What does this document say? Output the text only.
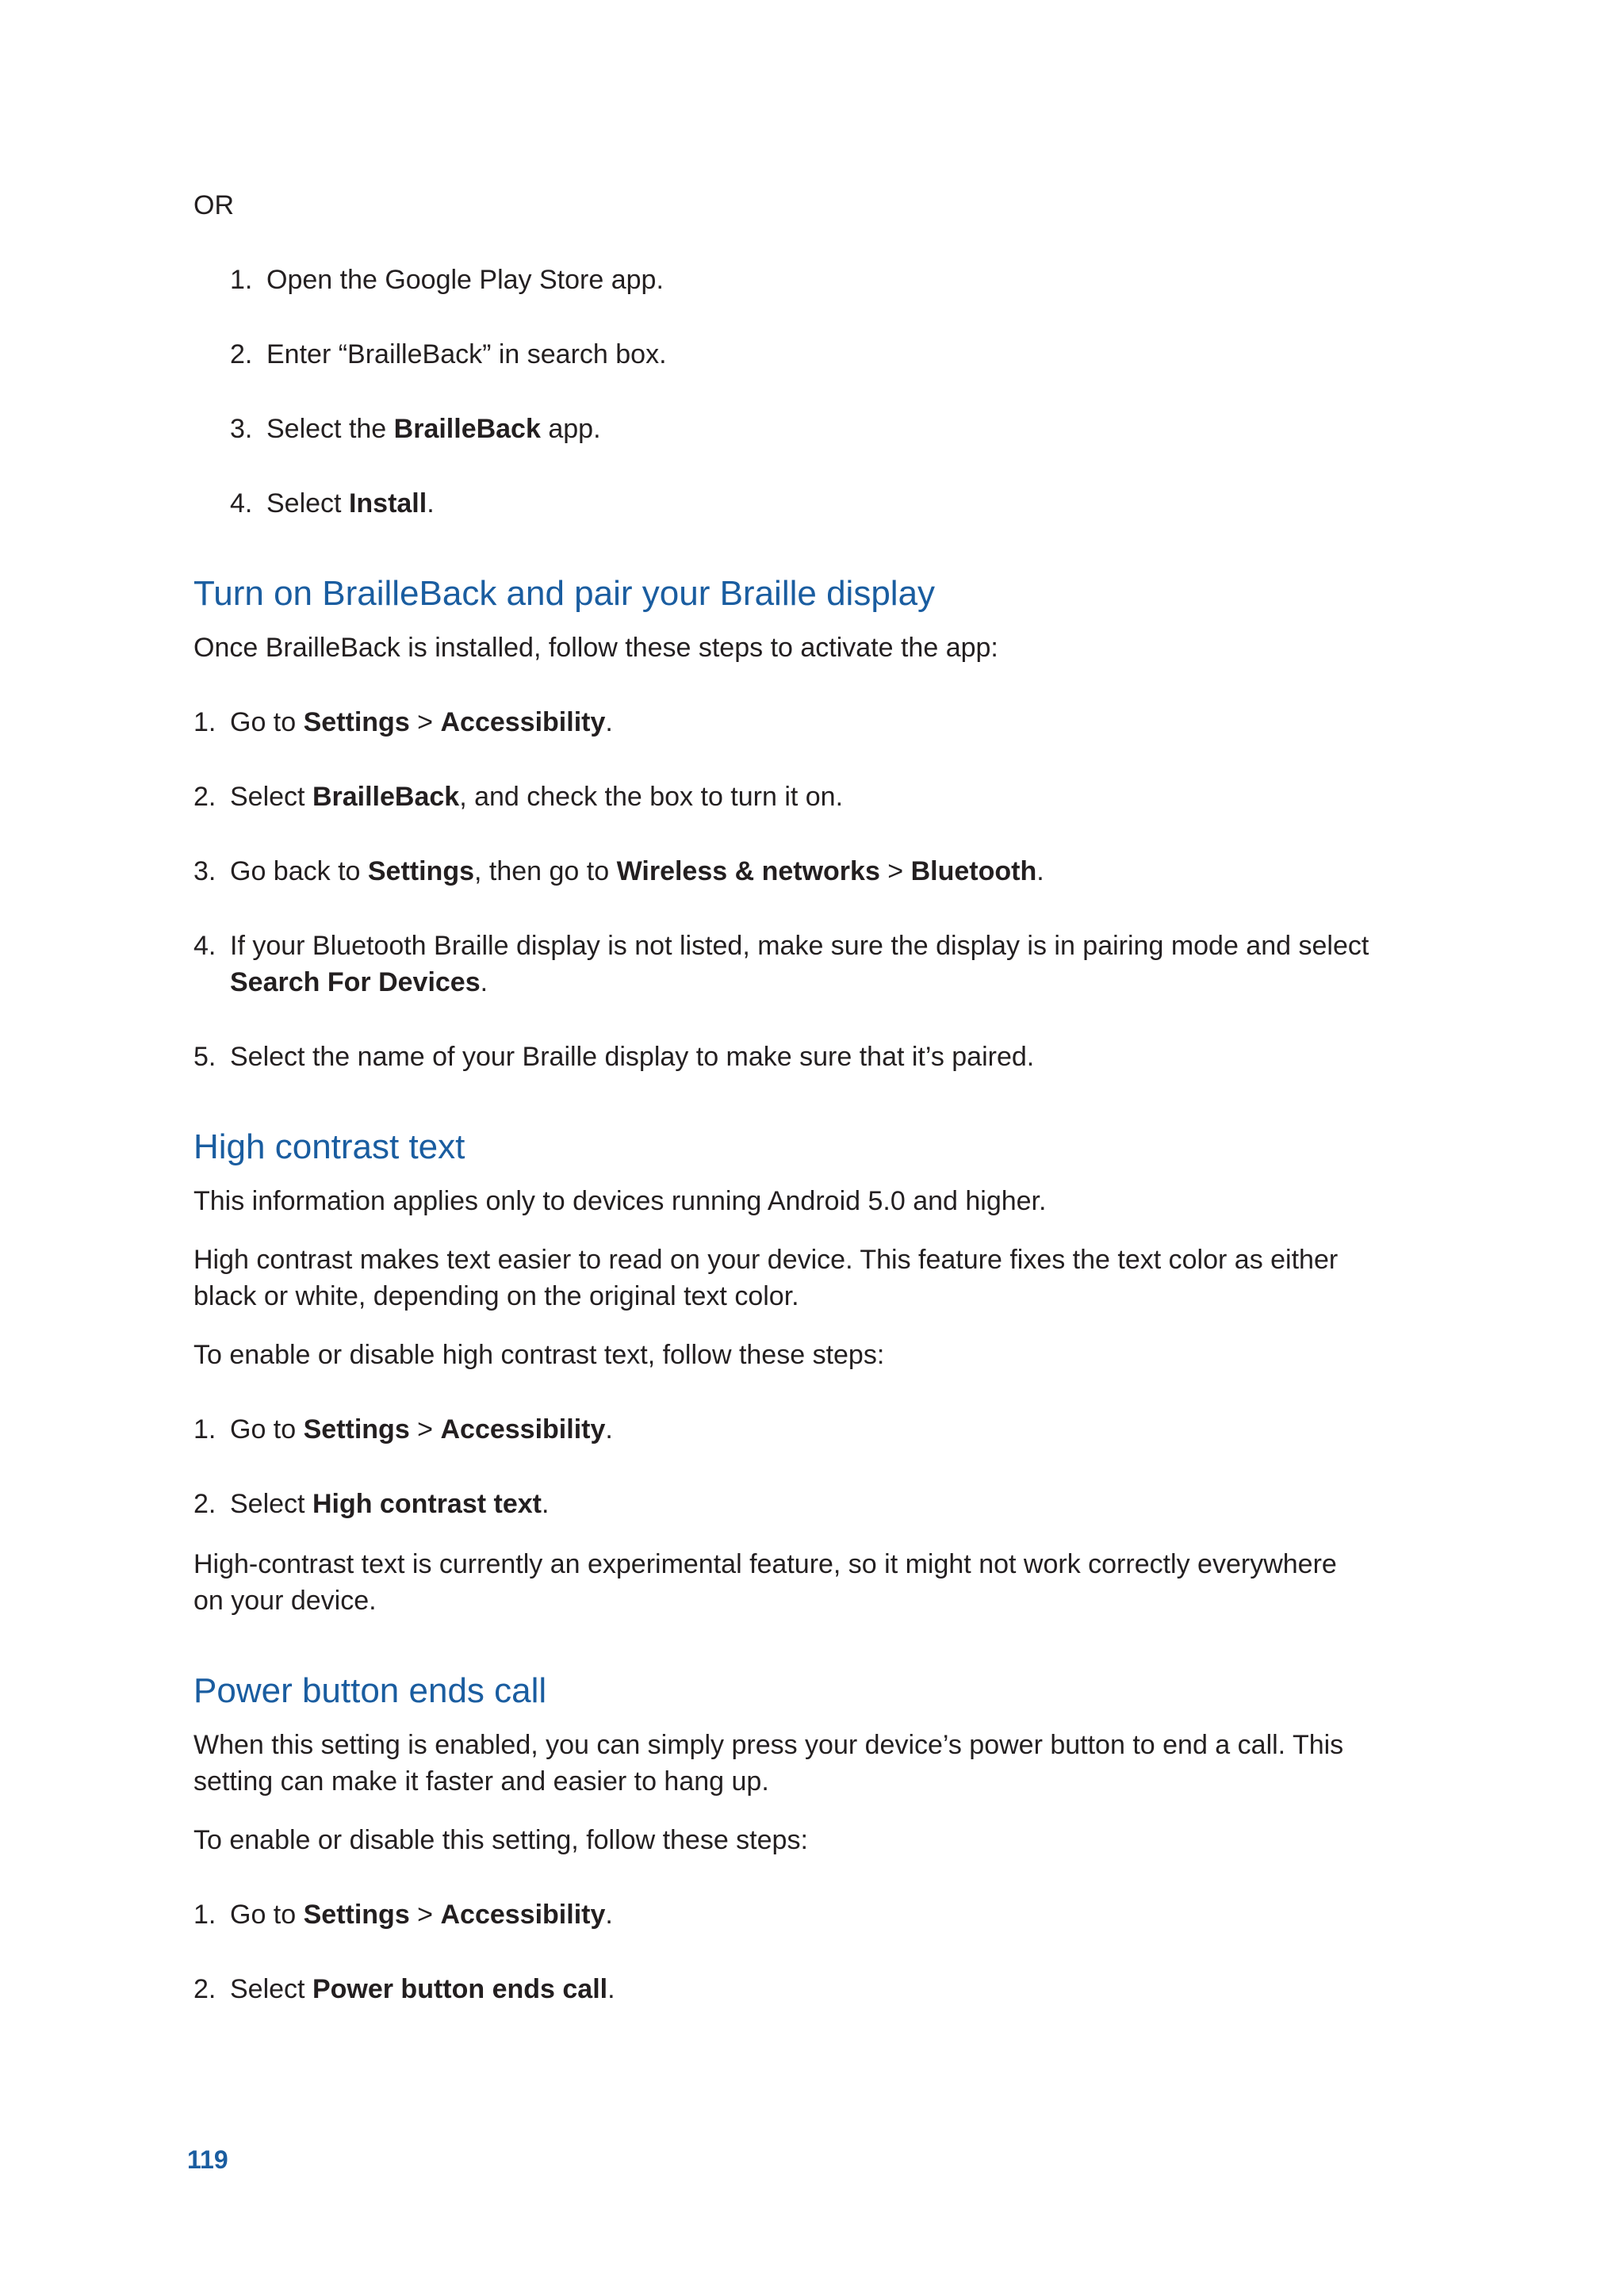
OR

1. Open the Google Play Store app.

2. Enter “BrailleBack” in search box.

3. Select the BrailleBack app.

4. Select Install.

Turn on BrailleBack and pair your Braille display

Once BrailleBack is installed, follow these steps to activate the app:

1. Go to Settings > Accessibility.

2. Select BrailleBack, and check the box to turn it on.

3. Go back to Settings, then go to Wireless & networks > Bluetooth.

4. If your Bluetooth Braille display is not listed, make sure the display is in pairing mode and select

Search For Devices.

5. Select the name of your Braille display to make sure that it’s paired.

High contrast text

This information applies only to devices running Android 5.0 and higher.

High contrast makes text easier to read on your device. This feature fixes the text color as either

black or white, depending on the original text color.

To enable or disable high contrast text, follow these steps:

1. Go to Settings > Accessibility.

2. Select High contrast text.

High-contrast text is currently an experimental feature, so it might not work correctly everywhere

on your device.

Power button ends call

When this setting is enabled, you can simply press your device’s power button to end a call. This

setting can make it faster and easier to hang up.

To enable or disable this setting, follow these steps:

1. Go to Settings > Accessibility.

2. Select Power button ends call.

119
